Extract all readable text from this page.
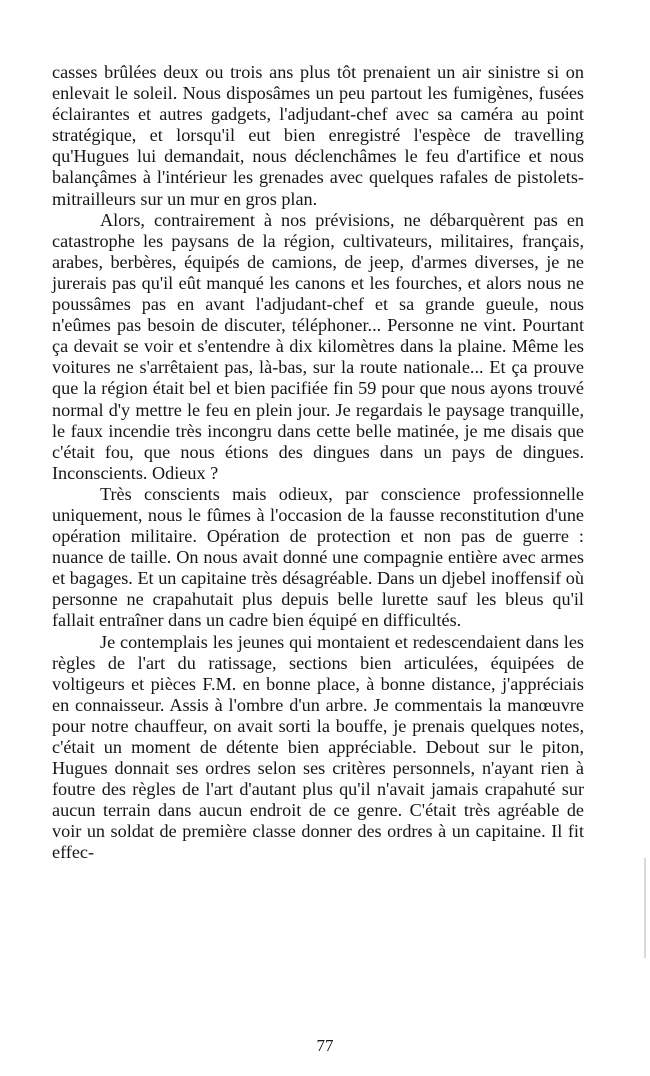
casses brûlées deux ou trois ans plus tôt prenaient un air sinistre si on enlevait le soleil. Nous disposâmes un peu partout les fumigènes, fusées éclairantes et autres gadgets, l'adjudant-chef avec sa caméra au point stratégique, et lorsqu'il eut bien enregistré l'espèce de travelling qu'Hugues lui demandait, nous déclenchâmes le feu d'artifice et nous balançâmes à l'intérieur les grenades avec quelques rafales de pistolets-mitrailleurs sur un mur en gros plan.

Alors, contrairement à nos prévisions, ne débarquèrent pas en catastrophe les paysans de la région, cultivateurs, militaires, français, arabes, berbères, équipés de camions, de jeep, d'armes diverses, je ne jurerais pas qu'il eût manqué les canons et les fourches, et alors nous ne poussâmes pas en avant l'adjudant-chef et sa grande gueule, nous n'eûmes pas besoin de discuter, téléphoner... Personne ne vint. Pourtant ça devait se voir et s'entendre à dix kilomètres dans la plaine. Même les voitures ne s'arrêtaient pas, là-bas, sur la route nationale... Et ça prouve que la région était bel et bien pacifiée fin 59 pour que nous ayons trouvé normal d'y mettre le feu en plein jour. Je regardais le paysage tranquille, le faux incendie très incongru dans cette belle matinée, je me disais que c'était fou, que nous étions des dingues dans un pays de dingues. Inconscients. Odieux ?

Très conscients mais odieux, par conscience professionnelle uniquement, nous le fûmes à l'occasion de la fausse reconstitution d'une opération militaire. Opération de protection et non pas de guerre : nuance de taille. On nous avait donné une compagnie entière avec armes et bagages. Et un capitaine très désagréable. Dans un djebel inoffensif où personne ne crapahutait plus depuis belle lurette sauf les bleus qu'il fallait entraîner dans un cadre bien équipé en difficultés.

Je contemplais les jeunes qui montaient et redescendaient dans les règles de l'art du ratissage, sections bien articulées, équipées de voltigeurs et pièces F.M. en bonne place, à bonne distance, j'appréciais en connaisseur. Assis à l'ombre d'un arbre. Je commentais la manœuvre pour notre chauffeur, on avait sorti la bouffe, je prenais quelques notes, c'était un moment de détente bien appréciable. Debout sur le piton, Hugues donnait ses ordres selon ses critères personnels, n'ayant rien à foutre des règles de l'art d'autant plus qu'il n'avait jamais crapahuté sur aucun terrain dans aucun endroit de ce genre. C'était très agréable de voir un soldat de première classe donner des ordres à un capitaine. Il fit effec-

77
